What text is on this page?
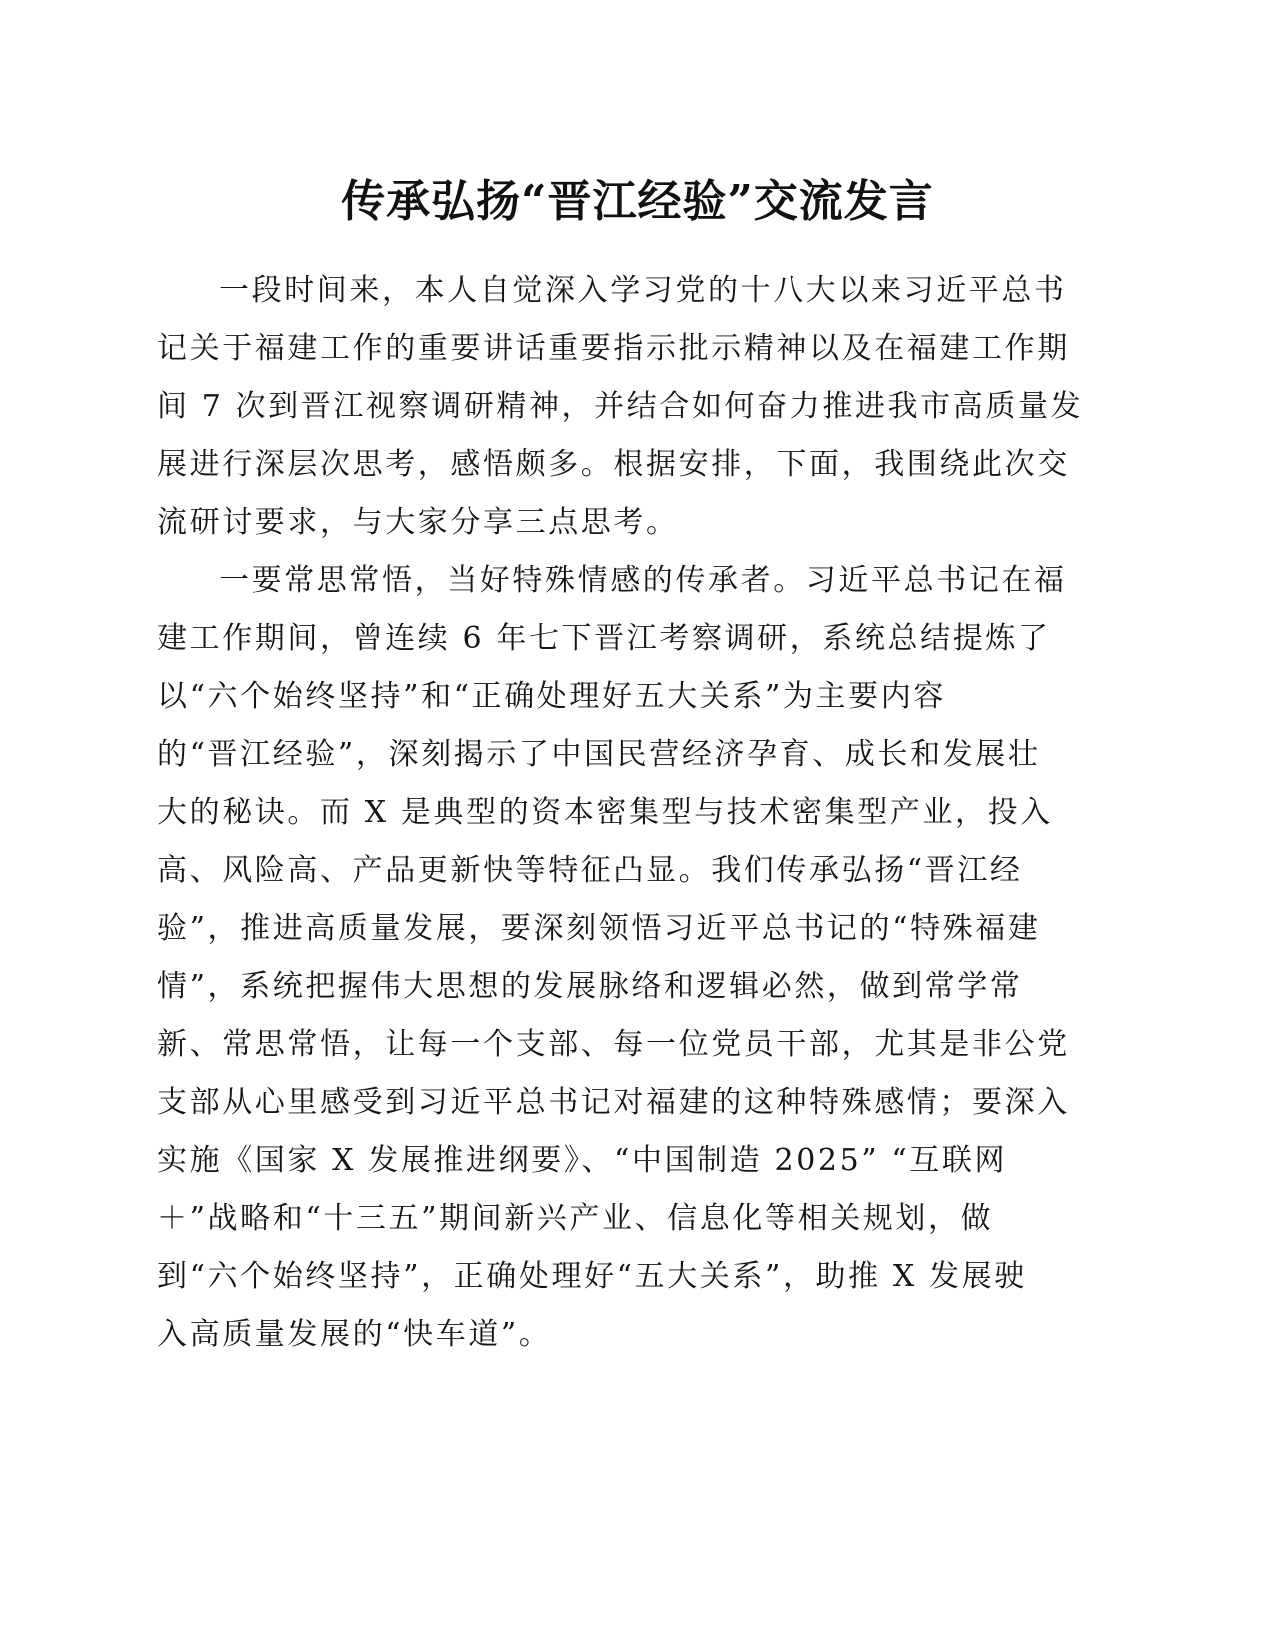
传承弘扬“晋江经验”交流发言
一段时间来，本人自觉深入学习党的十八大以来习近平总书
记关于福建工作的重要讲话重要指示批示精神以及在福建工作期
间 7 次到晋江视察调研精神，并结合如何奋力推进我市高质量发
展进行深层次思考，感悟颇多。根据安排，下面，我围绕此次交
流研讨要求，与大家分享三点思考。
一要常思常悟，当好特殊情感的传承者。习近平总书记在福
建工作期间，曾连续 6 年七下晋江考察调研，系统总结提炼了
以“六个始终坚持”和“正确处理好五大关系”为主要内容
的“晋江经验”，深刻揭示了中国民营经济孕育、成长和发展壮
大的秘诀。而 X 是典型的资本密集型与技术密集型产业，投入
高、风险高、产品更新快等特征凸显。我们传承弘扬“晋江经
验”，推进高质量发展，要深刻领悟习近平总书记的“特殊福建
情”，系统把握伟大思想的发展脉络和逻辑必然，做到常学常
新、常思常悟，让每一个支部、每一位党员干部，尤其是非公党
支部从心里感受到习近平总书记对福建的这种特殊感情；要深入
实施《国家 X 发展推进纲要》、“中国制造 2025” “互联网
＋”战略和“十三五”期间新兴产业、信息化等相关规划，做
到“六个始终坚持”，正确处理好“五大关系”，助推 X 发展驶
入高质量发展的“快车道”。
